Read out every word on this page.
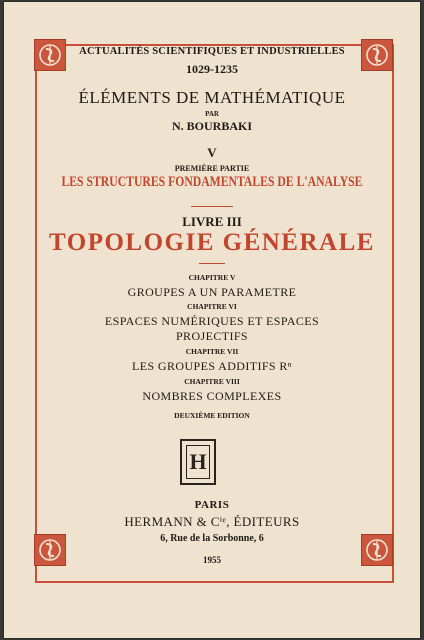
ACTUALITÉS SCIENTIFIQUES ET INDUSTRIELLES
1029-1235
ÉLÉMENTS DE MATHÉMATIQUE
PAR
N. BOURBAKI
V
PREMIÈRE PARTIE
LES STRUCTURES FONDAMENTALES DE L'ANALYSE
LIVRE III
TOPOLOGIE GÉNÉRALE
CHAPITRE V
GROUPES A UN PARAMETRE
CHAPITRE VI
ESPACES NUMÉRIQUES ET ESPACES
PROJECTIFS
CHAPITRE VII
LES GROUPES ADDITIFS Rⁿ
CHAPITRE VIII
NOMBRES COMPLEXES
DEUXIÈME EDITION
H
PARIS
HERMANN & Cⁱᵉ, ÉDITEURS
6, Rue de la Sorbonne, 6
1955
